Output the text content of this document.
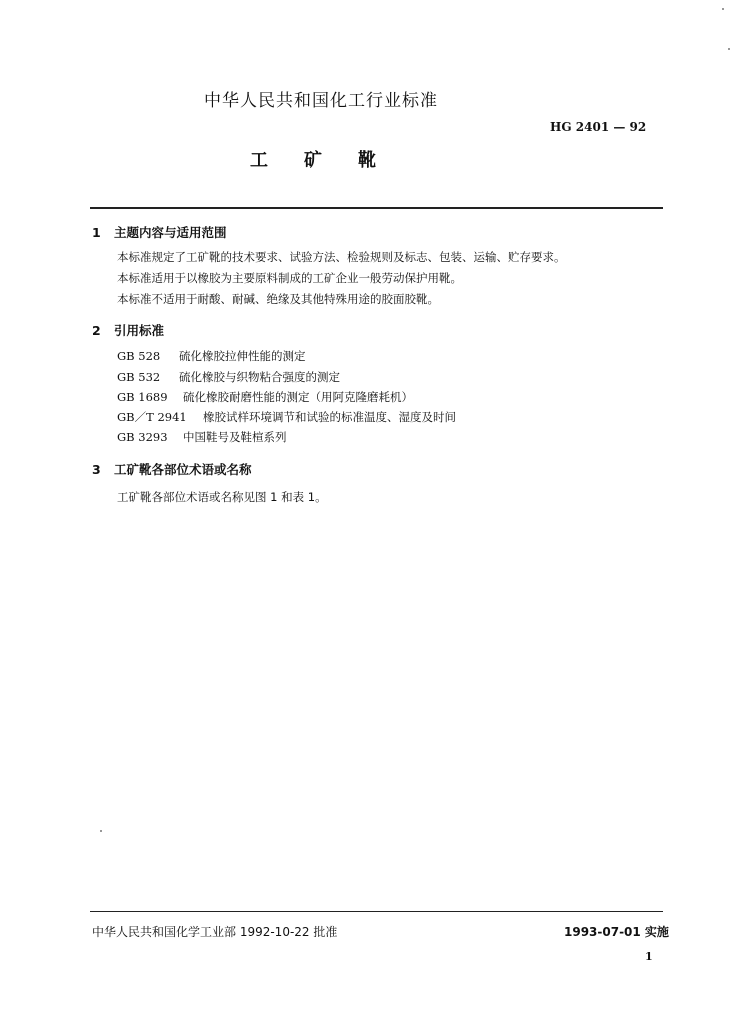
中华人民共和国化工行业标准
HG 2401 — 92
工 矿 靴
1 主题内容与适用范围
本标准规定了工矿靴的技术要求、试验方法、检验规则及标志、包装、运输、贮存要求。
本标准适用于以橡胶为主要原料制成的工矿企业一般劳动保护用靴。
本标准不适用于耐酸、耐碱、绝缘及其他特殊用途的胶面胶靴。
2 引用标准
GB 528 硫化橡胶拉伸性能的测定
GB 532 硫化橡胶与织物粘合强度的测定
GB 1689 硫化橡胶耐磨性能的测定（用阿克隆磨耗机）
GB／T 2941 橡胶试样环境调节和试验的标准温度、湿度及时间
GB 3293 中国鞋号及鞋楦系列
3 工矿靴各部位术语或名称
工矿靴各部位术语或名称见图 1 和表 1。
中华人民共和国化学工业部 1992-10-22 批准	1993-07-01 实施
1
